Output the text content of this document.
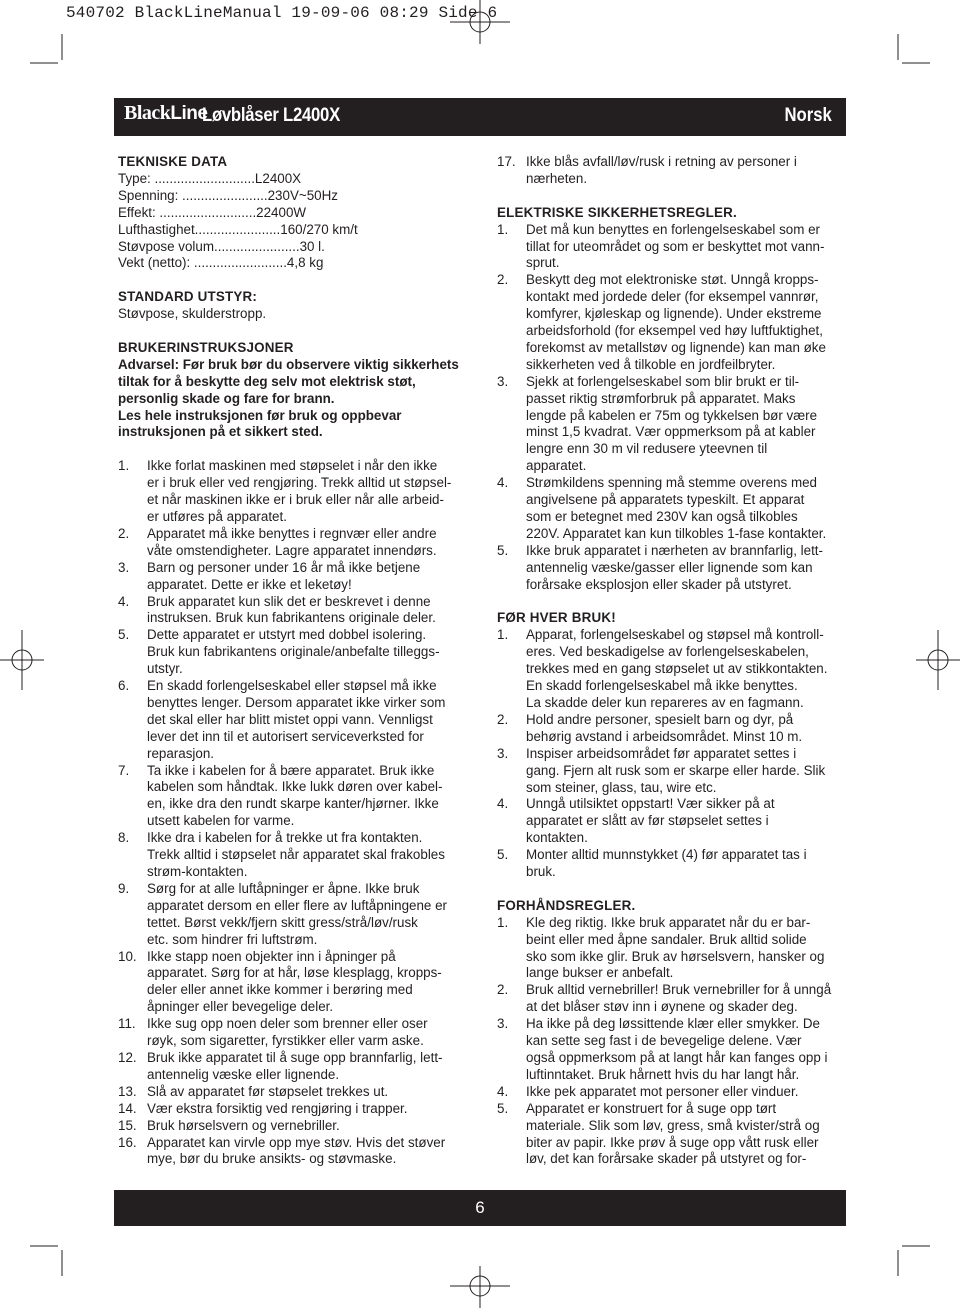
540702 BlackLineManual 19-09-06 08:29 Side 6
BlackLine
Løvblåser L2400X	Norsk
TEKNISKE DATA
Type: ...........................L2400X
Spenning: .......................230V~50Hz
Effekt: ..........................22400W
Lufthastighet.......................160/270 km/t
Støvpose volum.......................30 l.
Vekt (netto): .........................4,8 kg
STANDARD UTSTYR:
Støvpose, skulderstropp.
BRUKERINSTRUKSJONER
Advarsel: Før bruk bør du observere viktig sikkerhets
tiltak for å beskytte deg selv mot elektrisk støt,
personlig skade og fare for brann.
Les hele instruksjonen før bruk og oppbevar
instruksjonen på et sikkert sted.
1. Ikke forlat maskinen med støpselet i når den ikke
er i bruk eller ved rengjøring. Trekk alltid ut støpsel-
et når maskinen ikke er i bruk eller når alle arbeid-
er utføres på apparatet.
2. Apparatet må ikke benyttes i regnvær eller andre
våte omstendigheter. Lagre apparatet innendørs.
3. Barn og personer under 16 år må ikke betjene
apparatet. Dette er ikke et leketøy!
4. Bruk apparatet kun slik det er beskrevet i denne
instruksen. Bruk kun fabrikantens originale deler.
5. Dette apparatet er utstyrt med dobbel isolering.
Bruk kun fabrikantens originale/anbefalte tilleggs-
utstyr.
6. En skadd forlengelseskabel eller støpsel må ikke
benyttes lenger. Dersom apparatet ikke virker som
det skal eller har blitt mistet oppi vann. Vennligst
lever det inn til et autorisert serviceverksted for
reparasjon.
7. Ta ikke i kabelen for å bære apparatet. Bruk ikke
kabelen som håndtak. Ikke lukk døren over kabel-
en, ikke dra den rundt skarpe kanter/hjørner. Ikke
utsett kabelen for varme.
8. Ikke dra i kabelen for å trekke ut fra kontakten.
Trekk alltid i støpselet når apparatet skal frakobles
strøm-kontakten.
9. Sørg for at alle luftåpninger er åpne. Ikke bruk
apparatet dersom en eller flere av luftåpningene er
tettet. Børst vekk/fjern skitt gress/strå/løv/rusk
etc. som hindrer fri luftstrøm.
10. Ikke stapp noen objekter inn i åpninger på
apparatet. Sørg for at hår, løse klesplagg, kropps-
deler eller annet ikke kommer i berøring med
åpninger eller bevegelige deler.
11. Ikke sug opp noen deler som brenner eller oser
røyk, som sigaretter, fyrstikker eller varm aske.
12. Bruk ikke apparatet til å suge opp brannfarlig, lett-
antennelig væske eller lignende.
13. Slå av apparatet før støpselet trekkes ut.
14. Vær ekstra forsiktig ved rengjøring i trapper.
15. Bruk hørselsvern og vernebriller.
16. Apparatet kan virvle opp mye støv. Hvis det støver
mye, bør du bruke ansikts- og støvmaske.
17. Ikke blås avfall/løv/rusk i retning av personer i
nærheten.
ELEKTRISKE SIKKERHETSREGLER.
1. Det må kun benyttes en forlengelseskabel som er
tillat for uteområdet og som er beskyttet mot vann-
sprut.
2. Beskytt deg mot elektroniske støt. Unngå kropps-
kontakt med jordede deler (for eksempel vannrør,
komfyrer, kjøleskap og lignende). Under ekstreme
arbeidsforhold (for eksempel ved høy luftfuktighet,
forekomst av metallstøv og lignende) kan man øke
sikkerheten ved å tilkoble en jordfeilbryter.
3. Sjekk at forlengelseskabel som blir brukt er til-
passet riktig strømforbruk på apparatet. Maks
lengde på kabelen er 75m og tykkelsen bør være
minst 1,5 kvadrat. Vær oppmerksom på at kabler
lengre enn 30 m vil redusere yteevnen til
apparatet.
4. Strømkildens spenning må stemme overens med
angivelsene på apparatets typeskilt. Et apparat
som er betegnet med 230V kan også tilkobles
220V. Apparatet kan kun tilkobles 1-fase kontakter.
5. Ikke bruk apparatet i nærheten av brannfarlig, lett-
antennelig væske/gasser eller lignende som kan
forårsake eksplosjon eller skader på utstyret.
FØR HVER BRUK!
1. Apparat, forlengelseskabel og støpsel må kontroll-
eres. Ved beskadigelse av forlengelseskabelen,
trekkes med en gang støpselet ut av stikkontakten.
En skadd forlengelseskabel må ikke benyttes.
La skadde deler kun repareres av en fagmann.
2. Hold andre personer, spesielt barn og dyr, på
behørig avstand i arbeidsområdet. Minst 10 m.
3. Inspiser arbeidsområdet før apparatet settes i
gang. Fjern alt rusk som er skarpe eller harde. Slik
som steiner, glass, tau, wire etc.
4. Unngå utilsiktet oppstart! Vær sikker på at
apparatet er slått av før støpselet settes i
kontakten.
5. Monter alltid munnstykket (4) før apparatet tas i
bruk.
FORHÅNDSREGLER.
1. Kle deg riktig. Ikke bruk apparatet når du er bar-
beint eller med åpne sandaler. Bruk alltid solide
sko som ikke glir. Bruk av hørselsvern, hansker og
lange bukser er anbefalt.
2. Bruk alltid vernebriller! Bruk vernebriller for å unngå
at det blåser støv inn i øynene og skader deg.
3. Ha ikke på deg løssittende klær eller smykker. De
kan sette seg fast i de bevegelige delene. Vær
også oppmerksom på at langt hår kan fanges opp i
luftinntaket. Bruk hårnett hvis du har langt hår.
4. Ikke pek apparatet mot personer eller vinduer.
5. Apparatet er konstruert for å suge opp tørt
materiale. Slik som løv, gress, små kvister/strå og
biter av papir. Ikke prøv å suge opp vått rusk eller
løv, det kan forårsake skader på utstyret og for-
6
